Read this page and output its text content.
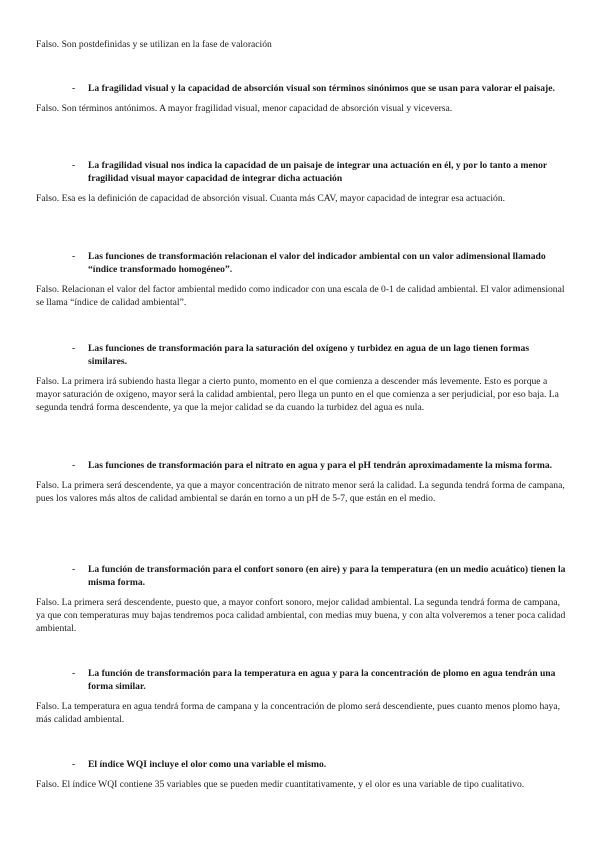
Falso. Son postdefinidas y se utilizan en la fase de valoración

- La fragilidad visual y la capacidad de absorción visual son términos sinónimos que se usan para valorar el paisaje.

Falso. Son términos antónimos. A mayor fragilidad visual, menor capacidad de absorción visual y viceversa.

- La fragilidad visual nos indica la capacidad de un paisaje de integrar una actuación en él, y por lo tanto a menor fragilidad visual mayor capacidad de integrar dicha actuación

Falso. Esa es la definición de capacidad de absorción visual. Cuanta más CAV, mayor capacidad de integrar esa actuación.

- Las funciones de transformación relacionan el valor del indicador ambiental con un valor adimensional llamado “índice transformado homogéneo”.

Falso. Relacionan el valor del factor ambiental medido como indicador con una escala de 0-1 de calidad ambiental. El valor adimensional se llama “índice de calidad ambiental”.

- Las funciones de transformación para la saturación del oxígeno y turbidez en agua de un lago tienen formas similares.

Falso. La primera irá subiendo hasta llegar a cierto punto, momento en el que comienza a descender más levemente. Esto es porque a mayor saturación de oxígeno, mayor será la calidad ambiental, pero llega un punto en el que comienza a ser perjudicial, por eso baja. La segunda tendrá forma descendente, ya que la mejor calidad se da cuando la turbidez del agua es nula.

- Las funciones de transformación para el nitrato en agua y para el pH tendrán aproximadamente la misma forma.

Falso. La primera será descendente, ya que a mayor concentración de nitrato menor será la calidad. La segunda tendrá forma de campana, pues los valores más altos de calidad ambiental se darán en torno a un pH de 5-7, que están en el medio.

- La función de transformación para el confort sonoro (en aire) y para la temperatura (en un medio acuático) tienen la misma forma.

Falso. La primera será descendente, puesto que, a mayor confort sonoro, mejor calidad ambiental. La segunda tendrá forma de campana, ya que con temperaturas muy bajas tendremos poca calidad ambiental, con medias muy buena, y con alta volveremos a tener poca calidad ambiental.

- La función de transformación para la temperatura en agua y para la concentración de plomo en agua tendrán una forma similar.

Falso. La temperatura en agua tendrá forma de campana y la concentración de plomo será descendiente, pues cuanto menos plomo haya, más calidad ambiental.

- El índice WQI incluye el olor como una variable el mismo.

Falso. El índice WQI contiene 35 variables que se pueden medir cuantitativamente, y el olor es una variable de tipo cualitativo.
